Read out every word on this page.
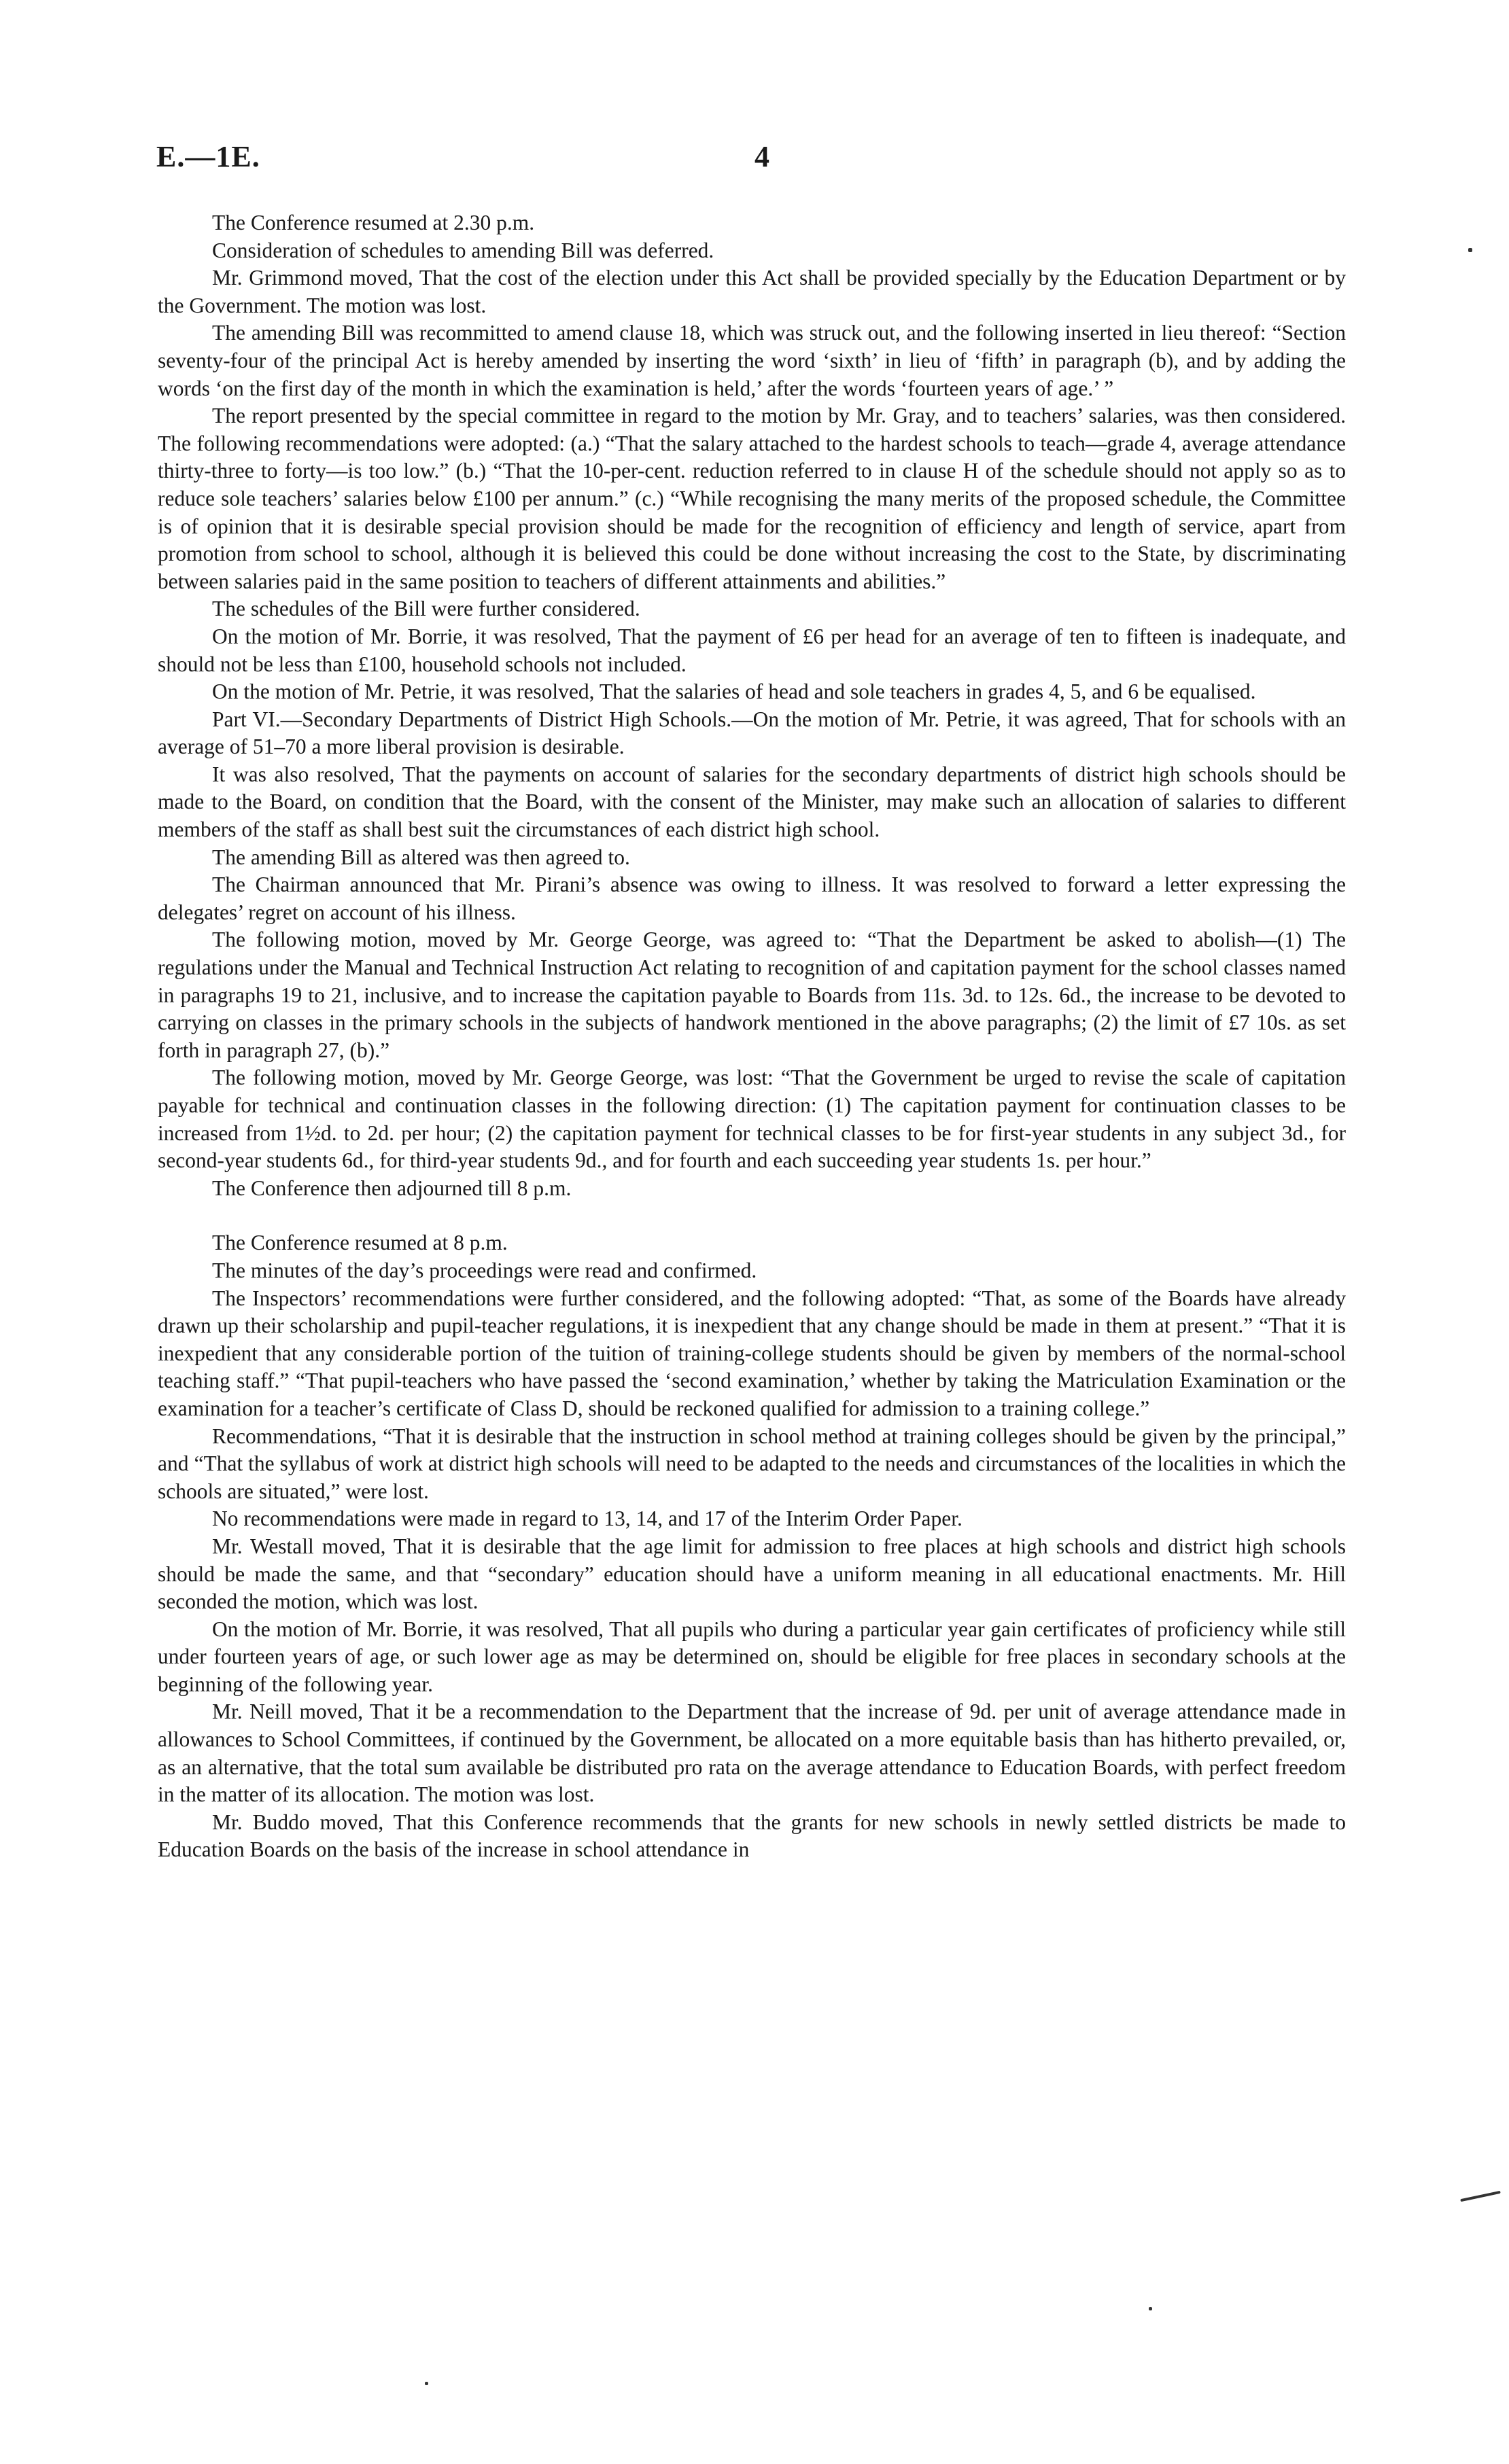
E.—1E.	4

The Conference resumed at 2.30 p.m.

Consideration of schedules to amending Bill was deferred.

Mr. Grimmond moved, That the cost of the election under this Act shall be provided specially by the Education Department or by the Government. The motion was lost.

The amending Bill was recommitted to amend clause 18, which was struck out, and the following inserted in lieu thereof: “Section seventy-four of the principal Act is hereby amended by inserting the word ‘sixth’ in lieu of ‘fifth’ in paragraph (b), and by adding the words ‘on the first day of the month in which the examination is held,’ after the words ‘fourteen years of age.’ ”

The report presented by the special committee in regard to the motion by Mr. Gray, and to teachers’ salaries, was then considered. The following recommendations were adopted: (a.) “That the salary attached to the hardest schools to teach—grade 4, average attendance thirty-three to forty—is too low.” (b.) “That the 10-per-cent. reduction referred to in clause H of the schedule should not apply so as to reduce sole teachers’ salaries below £100 per annum.” (c.) “While recognising the many merits of the proposed schedule, the Committee is of opinion that it is desirable special provision should be made for the recognition of efficiency and length of service, apart from promotion from school to school, although it is believed this could be done without increasing the cost to the State, by discriminating between salaries paid in the same position to teachers of different attainments and abilities.”

The schedules of the Bill were further considered.

On the motion of Mr. Borrie, it was resolved, That the payment of £6 per head for an average of ten to fifteen is inadequate, and should not be less than £100, household schools not included.

On the motion of Mr. Petrie, it was resolved, That the salaries of head and sole teachers in grades 4, 5, and 6 be equalised.

Part VI.—Secondary Departments of District High Schools.—On the motion of Mr. Petrie, it was agreed, That for schools with an average of 51–70 a more liberal provision is desirable.

It was also resolved, That the payments on account of salaries for the secondary departments of district high schools should be made to the Board, on condition that the Board, with the consent of the Minister, may make such an allocation of salaries to different members of the staff as shall best suit the circumstances of each district high school.

The amending Bill as altered was then agreed to.

The Chairman announced that Mr. Pirani’s absence was owing to illness. It was resolved to forward a letter expressing the delegates’ regret on account of his illness.

The following motion, moved by Mr. George George, was agreed to: “That the Department be asked to abolish—(1) The regulations under the Manual and Technical Instruction Act relating to recognition of and capitation payment for the school classes named in paragraphs 19 to 21, inclusive, and to increase the capitation payable to Boards from 11s. 3d. to 12s. 6d., the increase to be devoted to carrying on classes in the primary schools in the subjects of handwork mentioned in the above paragraphs; (2) the limit of £7 10s. as set forth in paragraph 27, (b).”

The following motion, moved by Mr. George George, was lost: “That the Government be urged to revise the scale of capitation payable for technical and continuation classes in the following direction: (1) The capitation payment for continuation classes to be increased from 1½d. to 2d. per hour; (2) the capitation payment for technical classes to be for first-year students in any subject 3d., for second-year students 6d., for third-year students 9d., and for fourth and each succeeding year students 1s. per hour.”

The Conference then adjourned till 8 p.m.

The Conference resumed at 8 p.m.

The minutes of the day’s proceedings were read and confirmed.

The Inspectors’ recommendations were further considered, and the following adopted: “That, as some of the Boards have already drawn up their scholarship and pupil-teacher regulations, it is inexpedient that any change should be made in them at present.” “That it is inexpedient that any considerable portion of the tuition of training-college students should be given by members of the normal-school teaching staff.” “That pupil-teachers who have passed the ‘second examination,’ whether by taking the Matriculation Examination or the examination for a teacher’s certificate of Class D, should be reckoned qualified for admission to a training college.”

Recommendations, “That it is desirable that the instruction in school method at training colleges should be given by the principal,” and “That the syllabus of work at district high schools will need to be adapted to the needs and circumstances of the localities in which the schools are situated,” were lost.

No recommendations were made in regard to 13, 14, and 17 of the Interim Order Paper.

Mr. Westall moved, That it is desirable that the age limit for admission to free places at high schools and district high schools should be made the same, and that “secondary” education should have a uniform meaning in all educational enactments. Mr. Hill seconded the motion, which was lost.

On the motion of Mr. Borrie, it was resolved, That all pupils who during a particular year gain certificates of proficiency while still under fourteen years of age, or such lower age as may be determined on, should be eligible for free places in secondary schools at the beginning of the following year.

Mr. Neill moved, That it be a recommendation to the Department that the increase of 9d. per unit of average attendance made in allowances to School Committees, if continued by the Government, be allocated on a more equitable basis than has hitherto prevailed, or, as an alternative, that the total sum available be distributed pro rata on the average attendance to Education Boards, with perfect freedom in the matter of its allocation. The motion was lost.

Mr. Buddo moved, That this Conference recommends that the grants for new schools in newly settled districts be made to Education Boards on the basis of the increase in school attendance in
